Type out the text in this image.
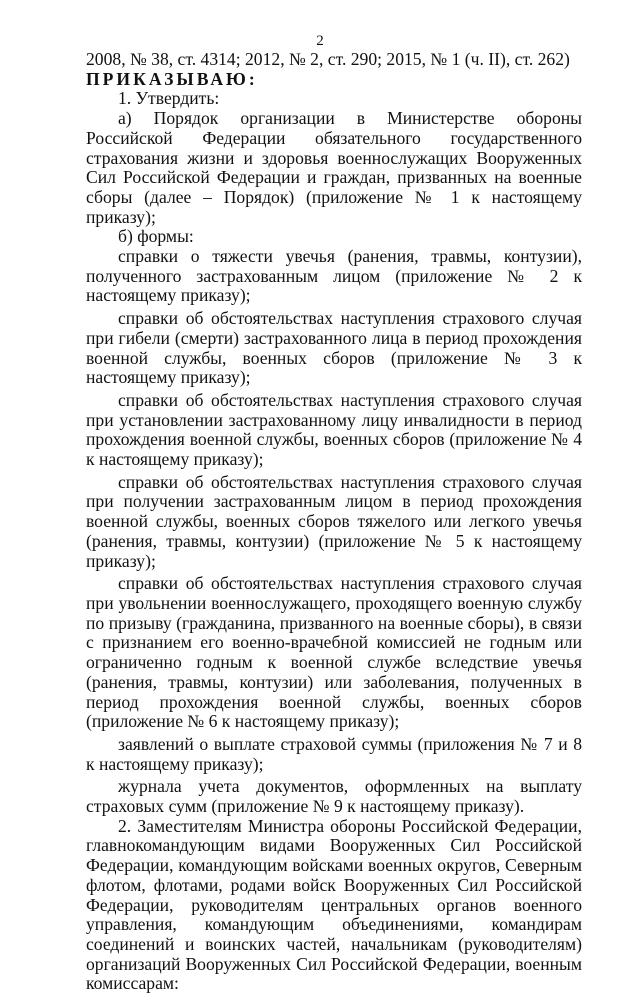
2

2008, № 38, ст. 4314; 2012, № 2, ст. 290; 2015, № 1 (ч. II), ст. 262)

ПРИКАЗЫВАЮ:

1. Утвердить:

а) Порядок организации в Министерстве обороны Российской Федерации обязательного государственного страхования жизни и здоровья военнослужащих Вооруженных Сил Российской Федерации и граждан, призванных на военные сборы (далее – Порядок) (приложение № 1 к настоящему приказу);

б) формы:

справки о тяжести увечья (ранения, травмы, контузии), полученного застрахованным лицом (приложение № 2 к настоящему приказу);

справки об обстоятельствах наступления страхового случая при гибели (смерти) застрахованного лица в период прохождения военной службы, военных сборов (приложение № 3 к настоящему приказу);

справки об обстоятельствах наступления страхового случая при установлении застрахованному лицу инвалидности в период прохождения военной службы, военных сборов (приложение № 4 к настоящему приказу);

справки об обстоятельствах наступления страхового случая при получении застрахованным лицом в период прохождения военной службы, военных сборов тяжелого или легкого увечья (ранения, травмы, контузии) (приложение № 5 к настоящему приказу);

справки об обстоятельствах наступления страхового случая при увольнении военнослужащего, проходящего военную службу по призыву (гражданина, призванного на военные сборы), в связи с признанием его военно-врачебной комиссией не годным или ограниченно годным к военной службе вследствие увечья (ранения, травмы, контузии) или заболевания, полученных в период прохождения военной службы, военных сборов (приложение № 6 к настоящему приказу);

заявлений о выплате страховой суммы (приложения № 7 и 8 к настоящему приказу);

журнала учета документов, оформленных на выплату страховых сумм (приложение № 9 к настоящему приказу).

2. Заместителям Министра обороны Российской Федерации, главнокомандующим видами Вооруженных Сил Российской Федерации, командующим войсками военных округов, Северным флотом, флотами, родами войск Вооруженных Сил Российской Федерации, руководителям центральных органов военного управления, командующим объединениями, командирам соединений и воинских частей, начальникам (руководителям) организаций Вооруженных Сил Российской Федерации, военным комиссарам:
